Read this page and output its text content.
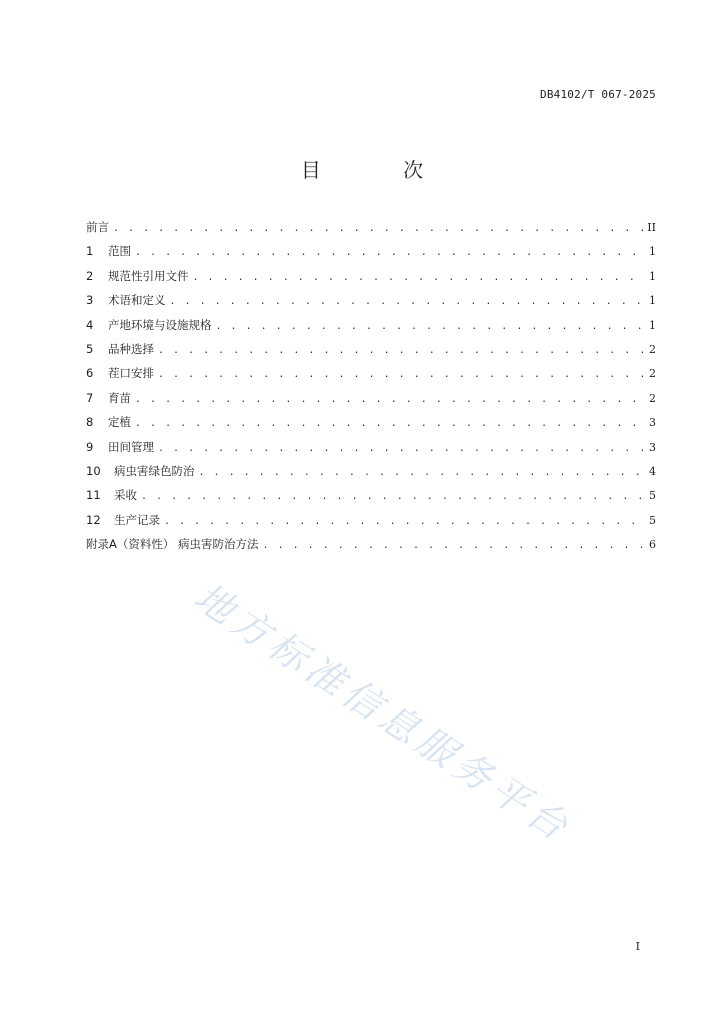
DB4102/T 067-2025
目 次
前言 . . .	II
1	范围 . . .	1
2	规范性引用文件 . . .	1
3	术语和定义 . . .	1
4	产地环境与设施规格 . . .	1
5	品种选择 . . .	2
6	茬口安排 . . .	2
7	育苗 . . .	2
8	定植 . . .	3
9	田间管理 . . .	3
10	病虫害绿色防治 . . .	4
11	采收 . . .	5
12	生产记录 . . .	5
附录A（资料性） 病虫害防治方法 . . .	6
地方标准信息服务平台
I
